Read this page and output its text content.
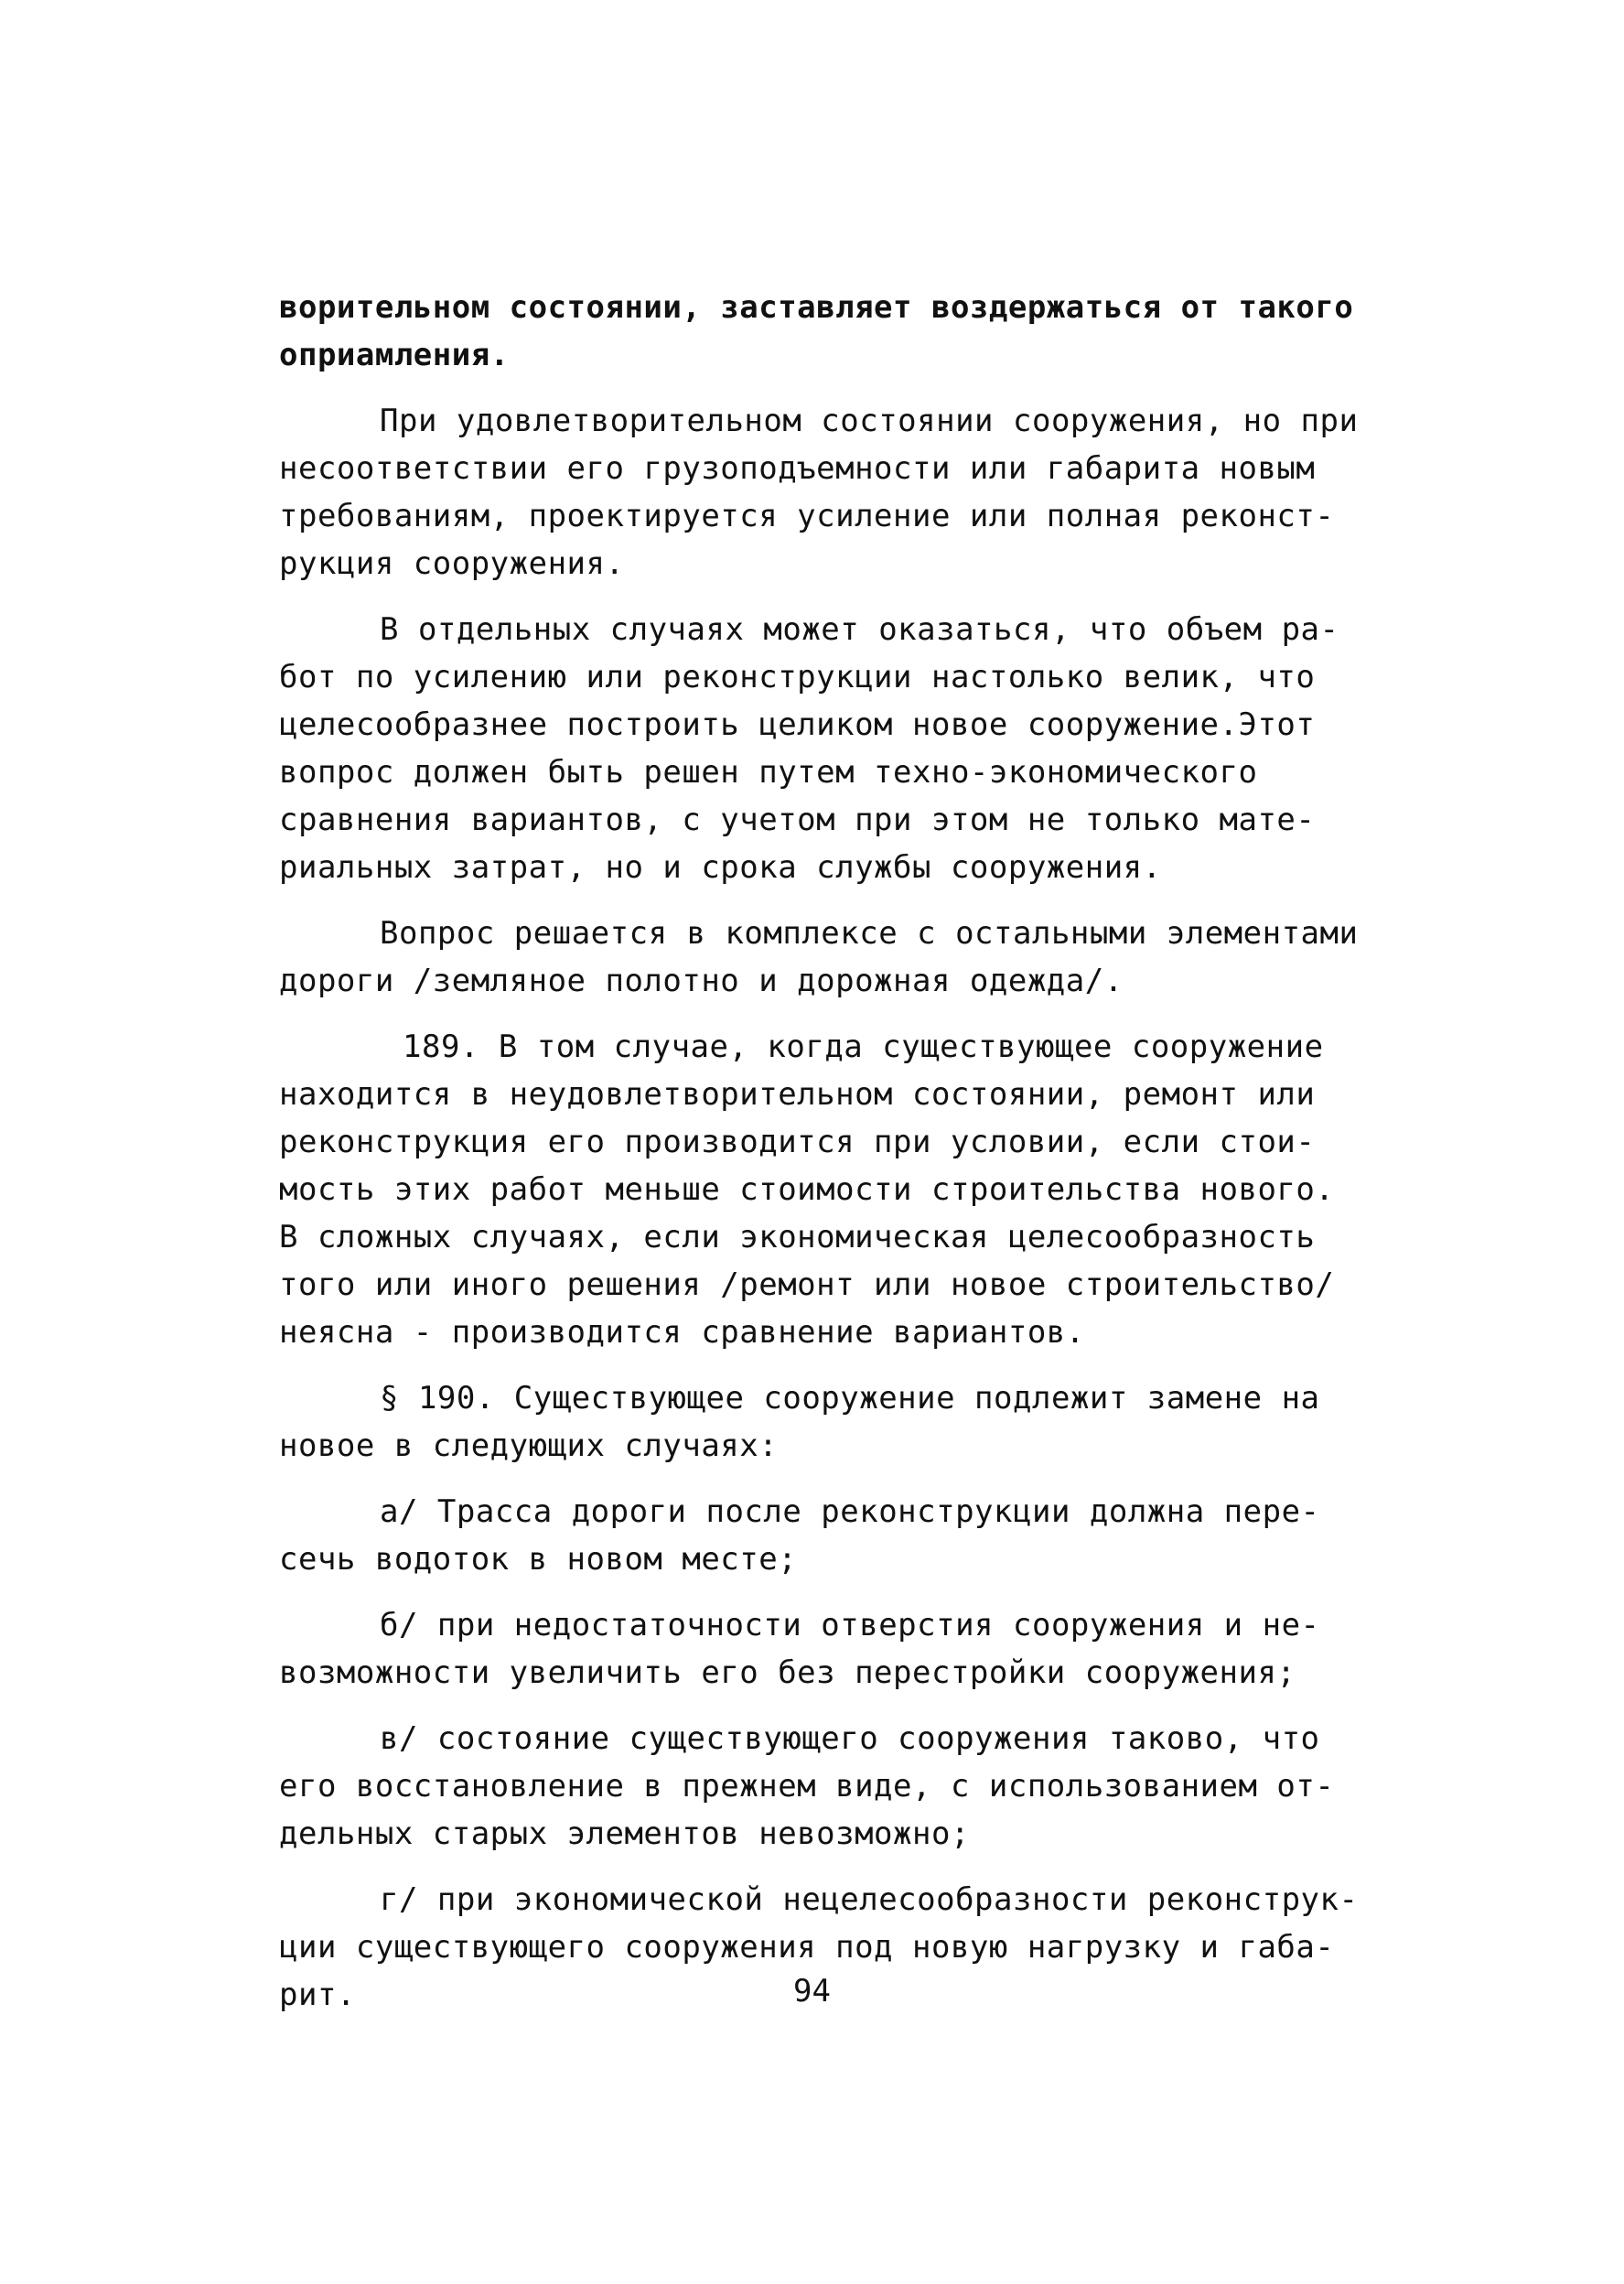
ворительном состоянии, заставляет воздержаться от такого
оприамления.

При удовлетворительном состоянии сооружения, но при
несоответствии его грузоподъемности или габарита новым
требованиям, проектируется усиление или полная реконст-
рукция сооружения.

В отдельных случаях может оказаться, что объем ра-
бот по усилению или реконструкции настолько велик, что
целесообразнее построить целиком новое сооружение.Этот
вопрос должен быть решен путем техно-экономического
сравнения вариантов, с учетом при этом не только мате-
риальных затрат, но и срока службы сооружения.

Вопрос решается в комплексе с остальными элементами
дороги /земляное полотно и дорожная одежда/.

189. В том случае, когда существующее сооружение
находится в неудовлетворительном состоянии, ремонт или
реконструкция его производится при условии, если стои-
мость этих работ меньше стоимости строительства нового.
В сложных случаях, если экономическая целесообразность
того или иного решения /ремонт или новое строительство/
неясна - производится сравнение вариантов.

§ 190. Существующее сооружение подлежит замене на
новое в следующих случаях:

а/ Трасса дороги после реконструкции должна пере-
сечь водоток в новом месте;

б/ при недостаточности отверстия сооружения и не-
возможности увеличить его без перестройки сооружения;

в/ состояние существующего сооружения таково, что
его восстановление в прежнем виде, с использованием от-
дельных старых элементов невозможно;

г/ при экономической нецелесообразности реконструк-
ции существующего сооружения под новую нагрузку и габа-
рит.	94
